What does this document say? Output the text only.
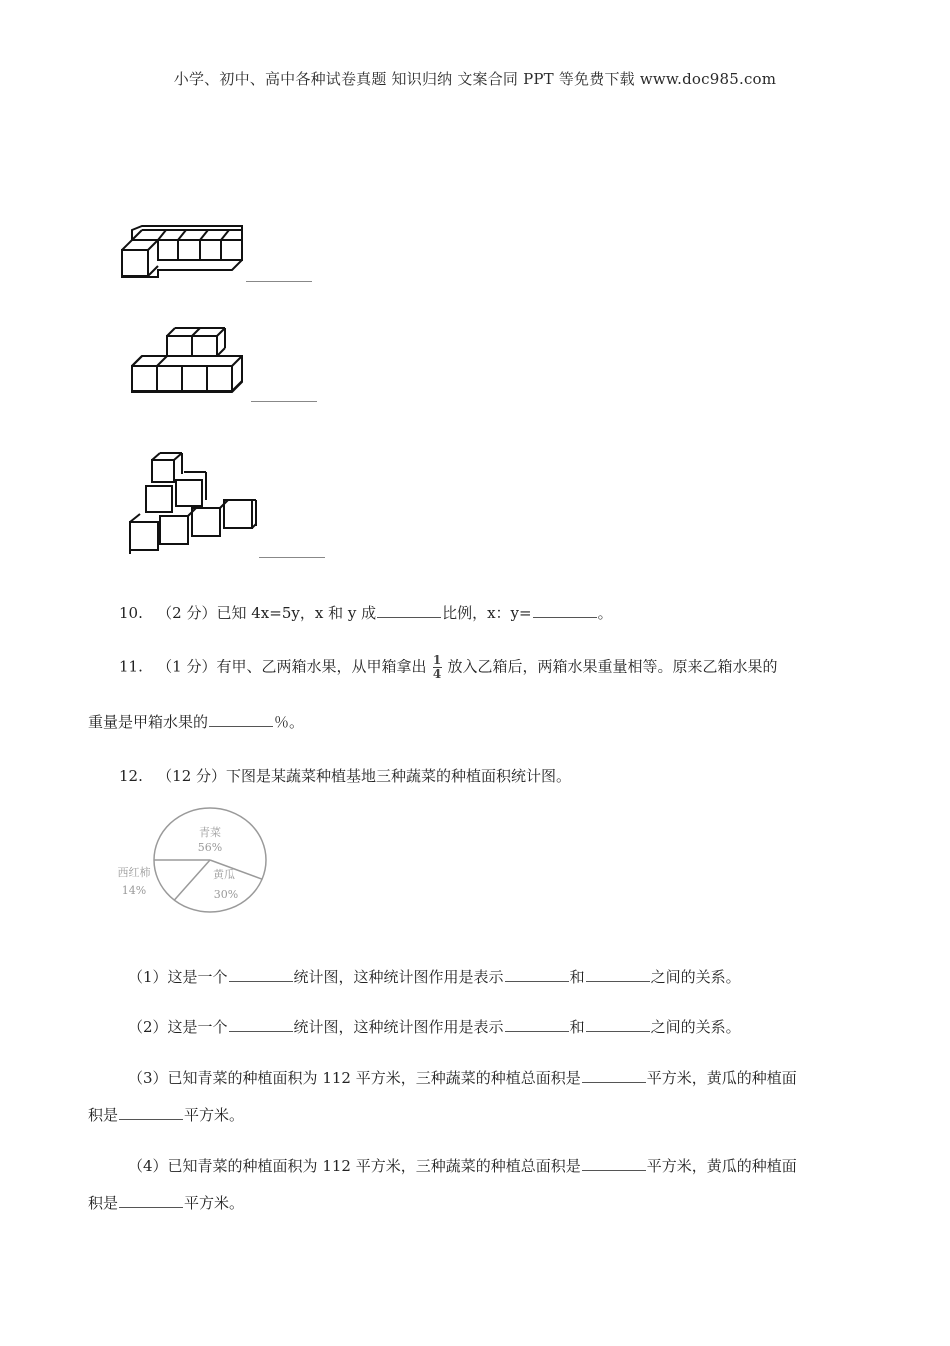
小学、初中、高中各种试卷真题 知识归纳 文案合同 PPT 等免费下载 www.doc985.com
10. （2 分）已知 4x=5y，x 和 y 成	比例，x：y=	。
11. （1 分）有甲、乙两箱水果，从甲箱拿出 $\frac{1}{4}$ 放入乙箱后，两箱水果重量相等。原来乙箱水果的
重量是甲箱水果的	％。
12. （12 分）下图是某蔬菜种植基地三种蔬菜的种植面积统计图。
青菜
56%
黄瓜
30%
西红柿
14%
（1）这是一个	统计图，这种统计图作用是表示	和	之间的关系。
（2）这是一个	统计图，这种统计图作用是表示	和	之间的关系。
（3）已知青菜的种植面积为 112 平方米，三种蔬菜的种植总面积是	平方米，黄瓜的种植面
积是	平方米。
（4）已知青菜的种植面积为 112 平方米，三种蔬菜的种植总面积是	平方米，黄瓜的种植面
积是	平方米。
